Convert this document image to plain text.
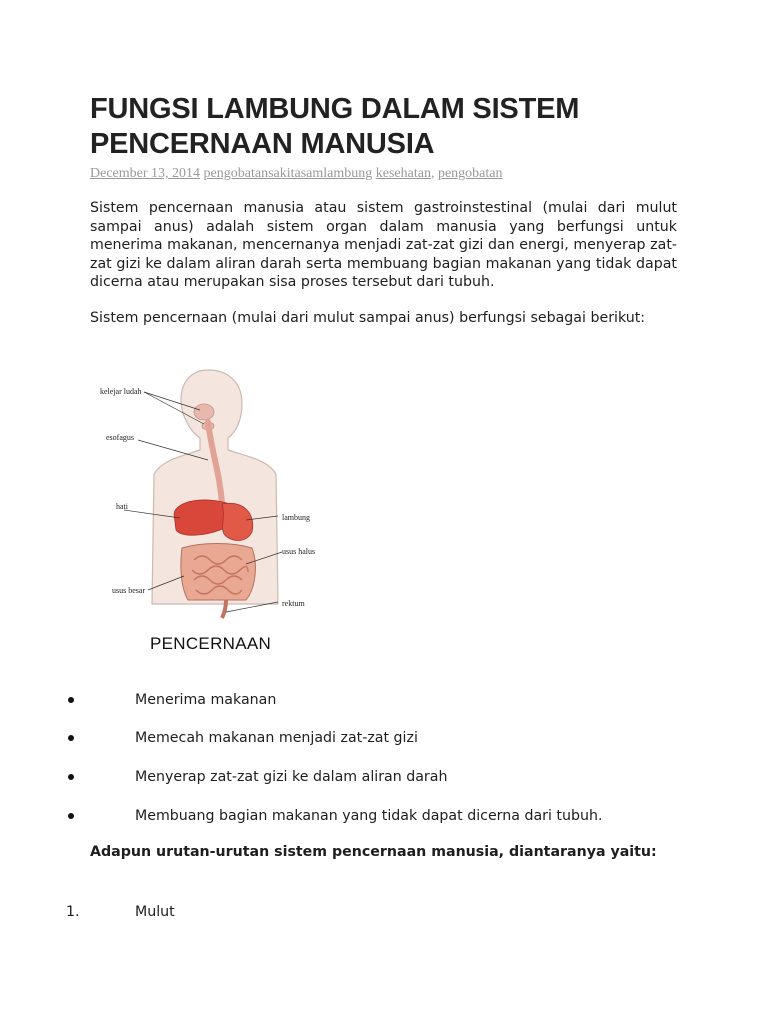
FUNGSI LAMBUNG DALAM SISTEM PENCERNAAN MANUSIA
December 13, 2014 pengobatansakitasamlambung kesehatan, pengobatan

Sistem pencernaan manusia atau sistem gastroinstestinal (mulai dari mulut sampai anus) adalah sistem organ dalam manusia yang berfungsi untuk menerima makanan, mencernanya menjadi zat-zat gizi dan energi, menyerap zat-zat gizi ke dalam aliran darah serta membuang bagian makanan yang tidak dapat dicerna atau merupakan sisa proses tersebut dari tubuh.

Sistem pencernaan (mulai dari mulut sampai anus) berfungsi sebagai berikut:

kelejar ludah
esofagus
hati
lambung
usus halus
usus besar
rektum
PENCERNAAN
Menerima makanan
Memecah makanan menjadi zat-zat gizi
Menyerap zat-zat gizi ke dalam aliran darah
Membuang bagian makanan yang tidak dapat dicerna dari tubuh.

Adapun urutan-urutan sistem pencernaan manusia, diantaranya yaitu:

1.	Mulut
